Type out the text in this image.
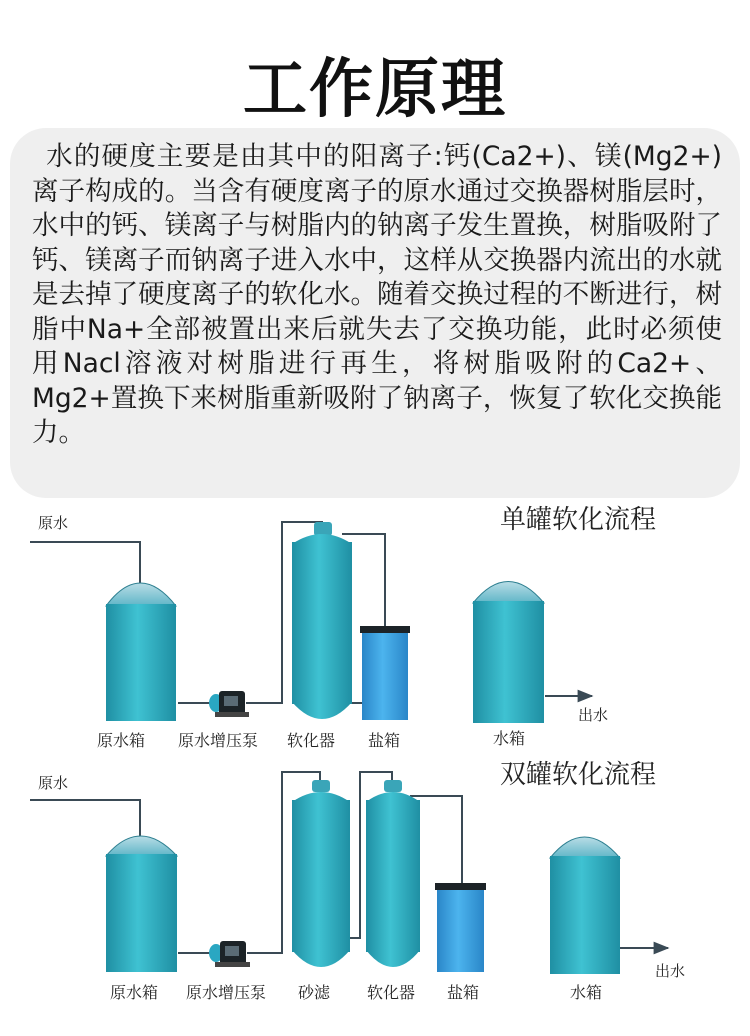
工作原理
水的硬度主要是由其中的阳离子:钙(Ca2+)、镁(Mg2+)离子构成的。当含有硬度离子的原水通过交换器树脂层时，水中的钙、镁离子与树脂内的钠离子发生置换，树脂吸附了钙、镁离子而钠离子进入水中，这样从交换器内流出的水就是去掉了硬度离子的软化水。随着交换过程的不断进行，树脂中Na+全部被置出来后就失去了交换功能，此时必须使用Nacl溶液对树脂进行再生，将树脂吸附的Ca2+、Mg2+置换下来树脂重新吸附了钠离子，恢复了软化交换能力。
单罐软化流程
原水
出水
原水箱 原水增压泵 软化器 盐箱	水箱
双罐软化流程
原水
出水
原水箱 原水增压泵 砂滤 软化器 盐箱	水箱
